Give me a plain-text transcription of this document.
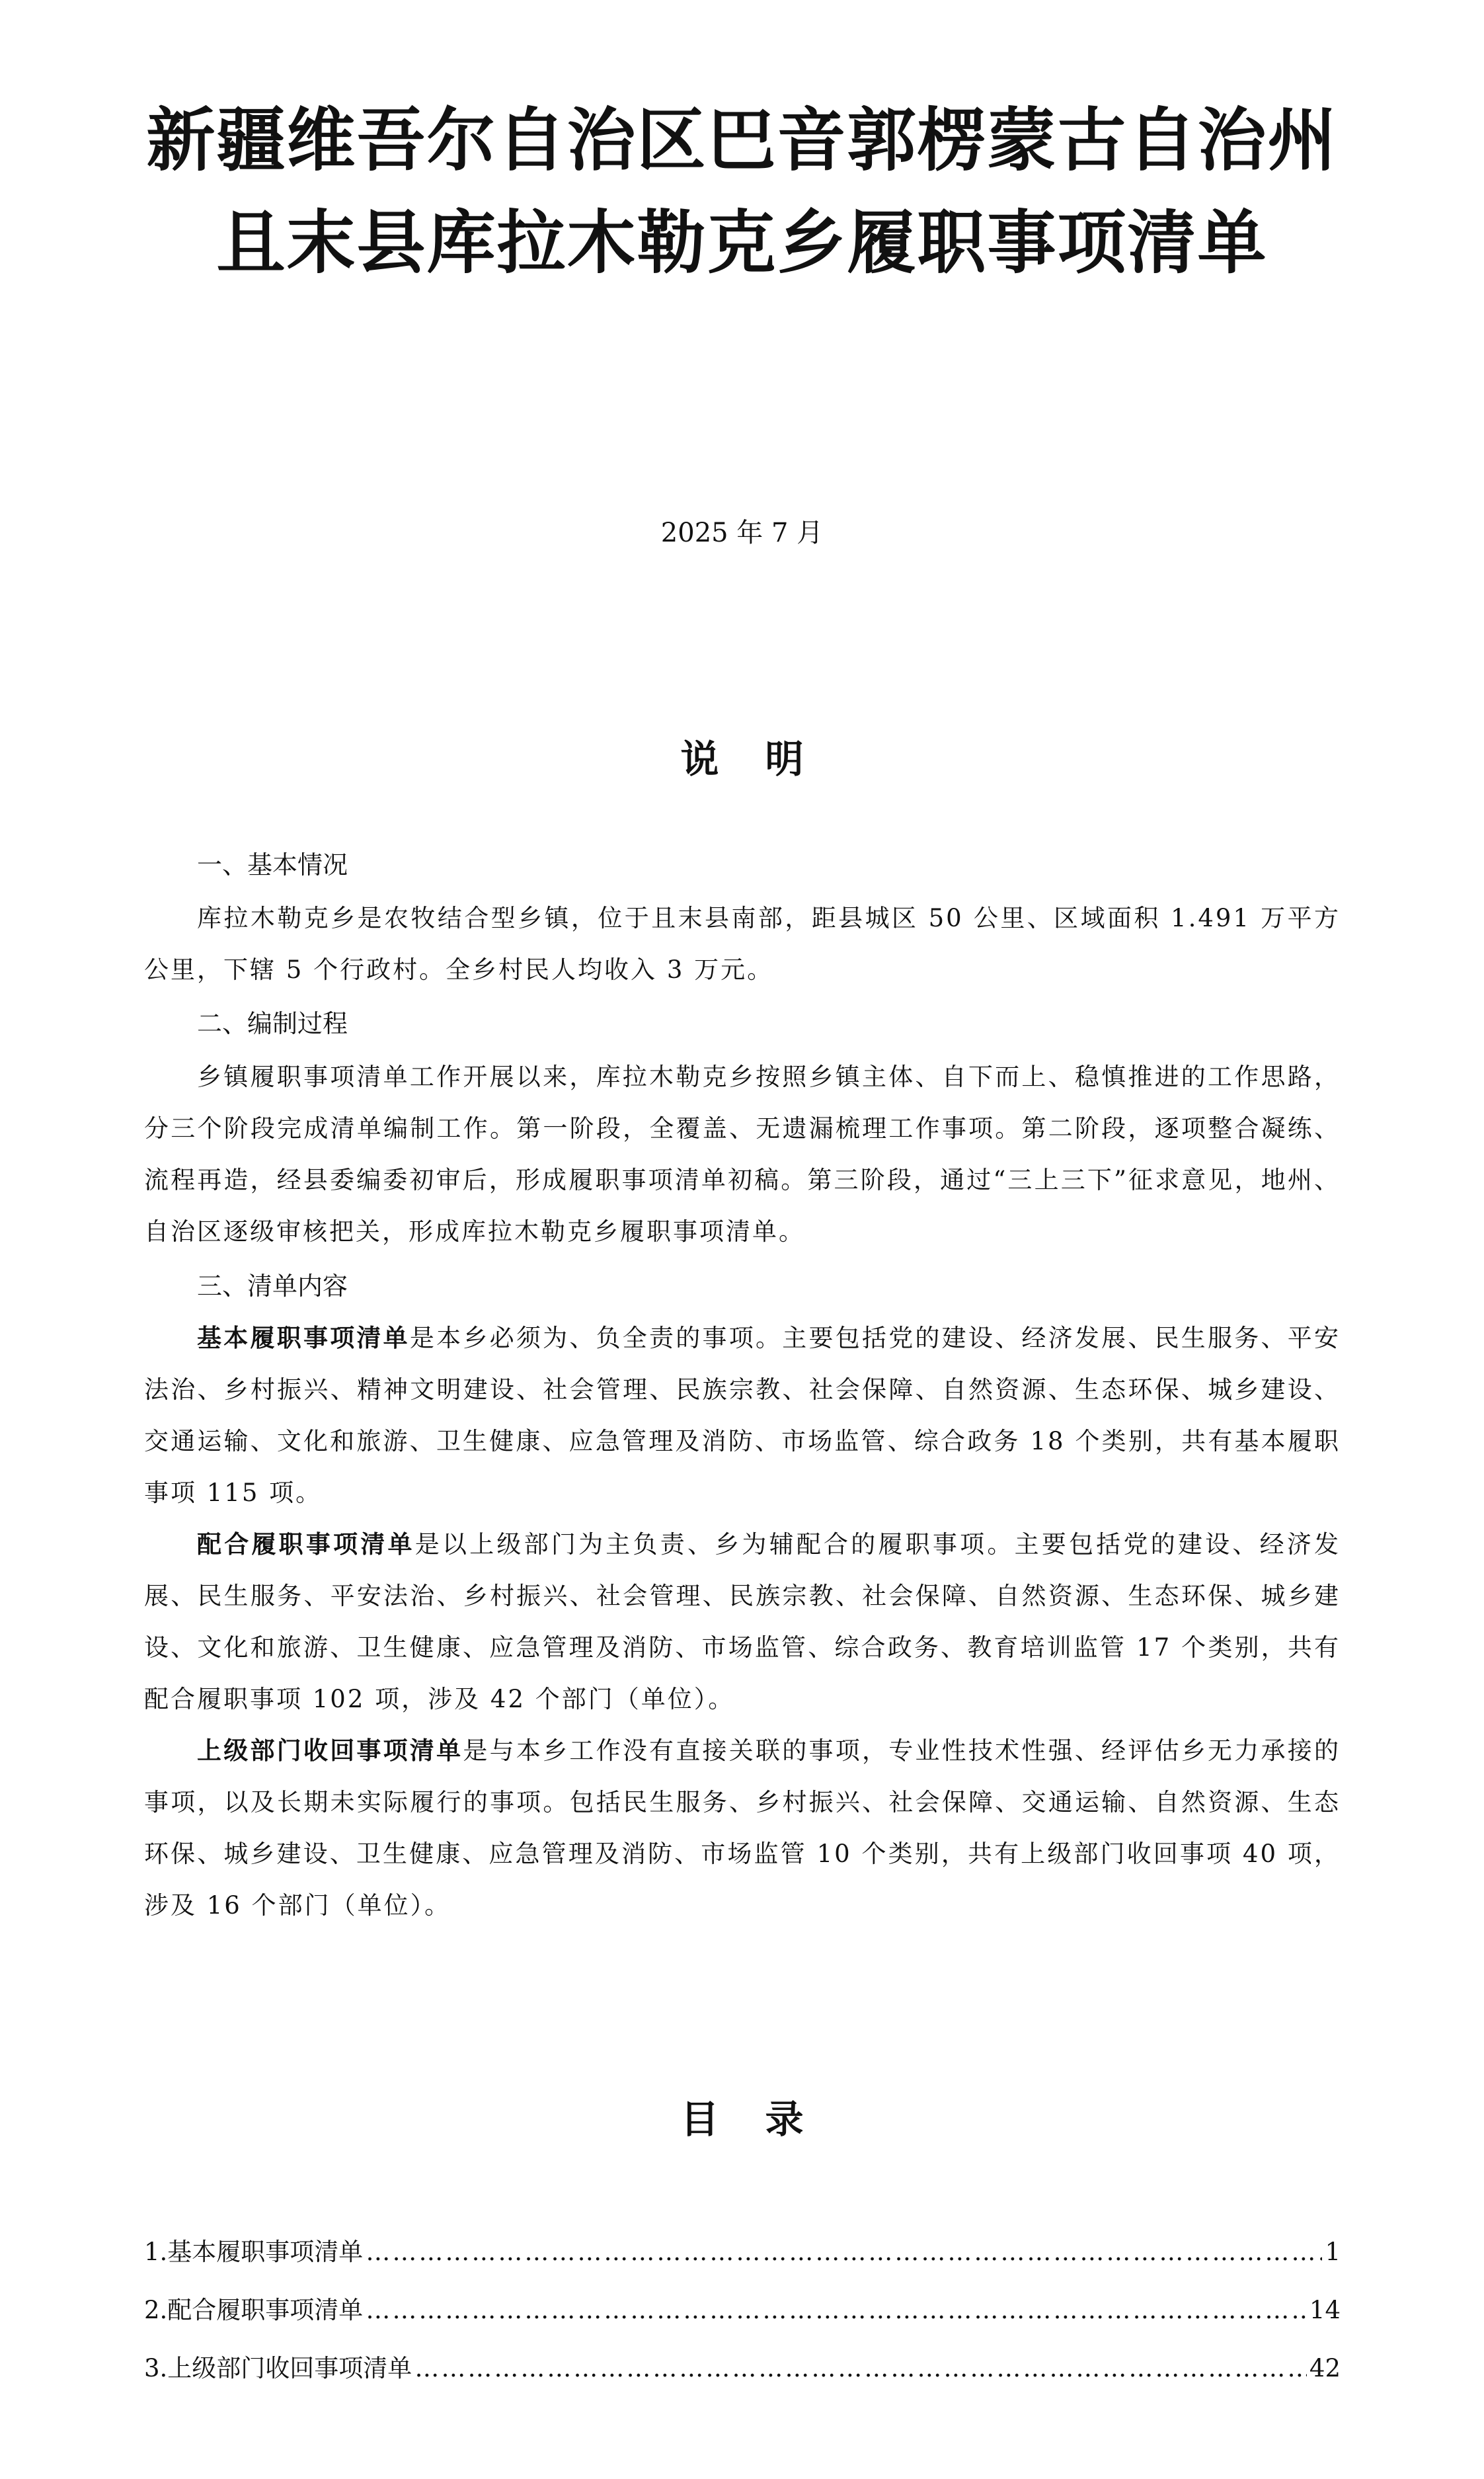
新疆维吾尔自治区巴音郭楞蒙古自治州
且末县库拉木勒克乡履职事项清单
2025 年 7 月
说明
一、基本情况

库拉木勒克乡是农牧结合型乡镇，位于且末县南部，距县城区 50 公里、区域面积 1.491 万平方公里，下辖 5 个行政村。全乡村民人均收入 3 万元。

二、编制过程

乡镇履职事项清单工作开展以来，库拉木勒克乡按照乡镇主体、自下而上、稳慎推进的工作思路，分三个阶段完成清单编制工作。第一阶段，全覆盖、无遗漏梳理工作事项。第二阶段，逐项整合凝练、流程再造，经县委编委初审后，形成履职事项清单初稿。第三阶段，通过“三上三下”征求意见，地州、自治区逐级审核把关，形成库拉木勒克乡履职事项清单。

三、清单内容

基本履职事项清单是本乡必须为、负全责的事项。主要包括党的建设、经济发展、民生服务、平安法治、乡村振兴、精神文明建设、社会管理、民族宗教、社会保障、自然资源、生态环保、城乡建设、交通运输、文化和旅游、卫生健康、应急管理及消防、市场监管、综合政务 18 个类别，共有基本履职事项 115 项。

配合履职事项清单是以上级部门为主负责、乡为辅配合的履职事项。主要包括党的建设、经济发展、民生服务、平安法治、乡村振兴、社会管理、民族宗教、社会保障、自然资源、生态环保、城乡建设、文化和旅游、卫生健康、应急管理及消防、市场监管、综合政务、教育培训监管 17 个类别，共有配合履职事项 102 项，涉及 42 个部门（单位）。

上级部门收回事项清单是与本乡工作没有直接关联的事项，专业性技术性强、经评估乡无力承接的事项，以及长期未实际履行的事项。包括民生服务、乡村振兴、社会保障、交通运输、自然资源、生态环保、城乡建设、卫生健康、应急管理及消防、市场监管 10 个类别，共有上级部门收回事项 40 项，涉及 16 个部门（单位）。

目录
1.基本履职事项清单 ……………………………………………………………………………………………………………………………………………………………………………………………………………………………………………………………	1
2.配合履职事项清单 ……………………………………………………………………………………………………………………………………………………………………………………………………………………………………………………………	14
3.上级部门收回事项清单 ……………………………………………………………………………………………………………………………………………………………………………………………………………………………………………………………	42
